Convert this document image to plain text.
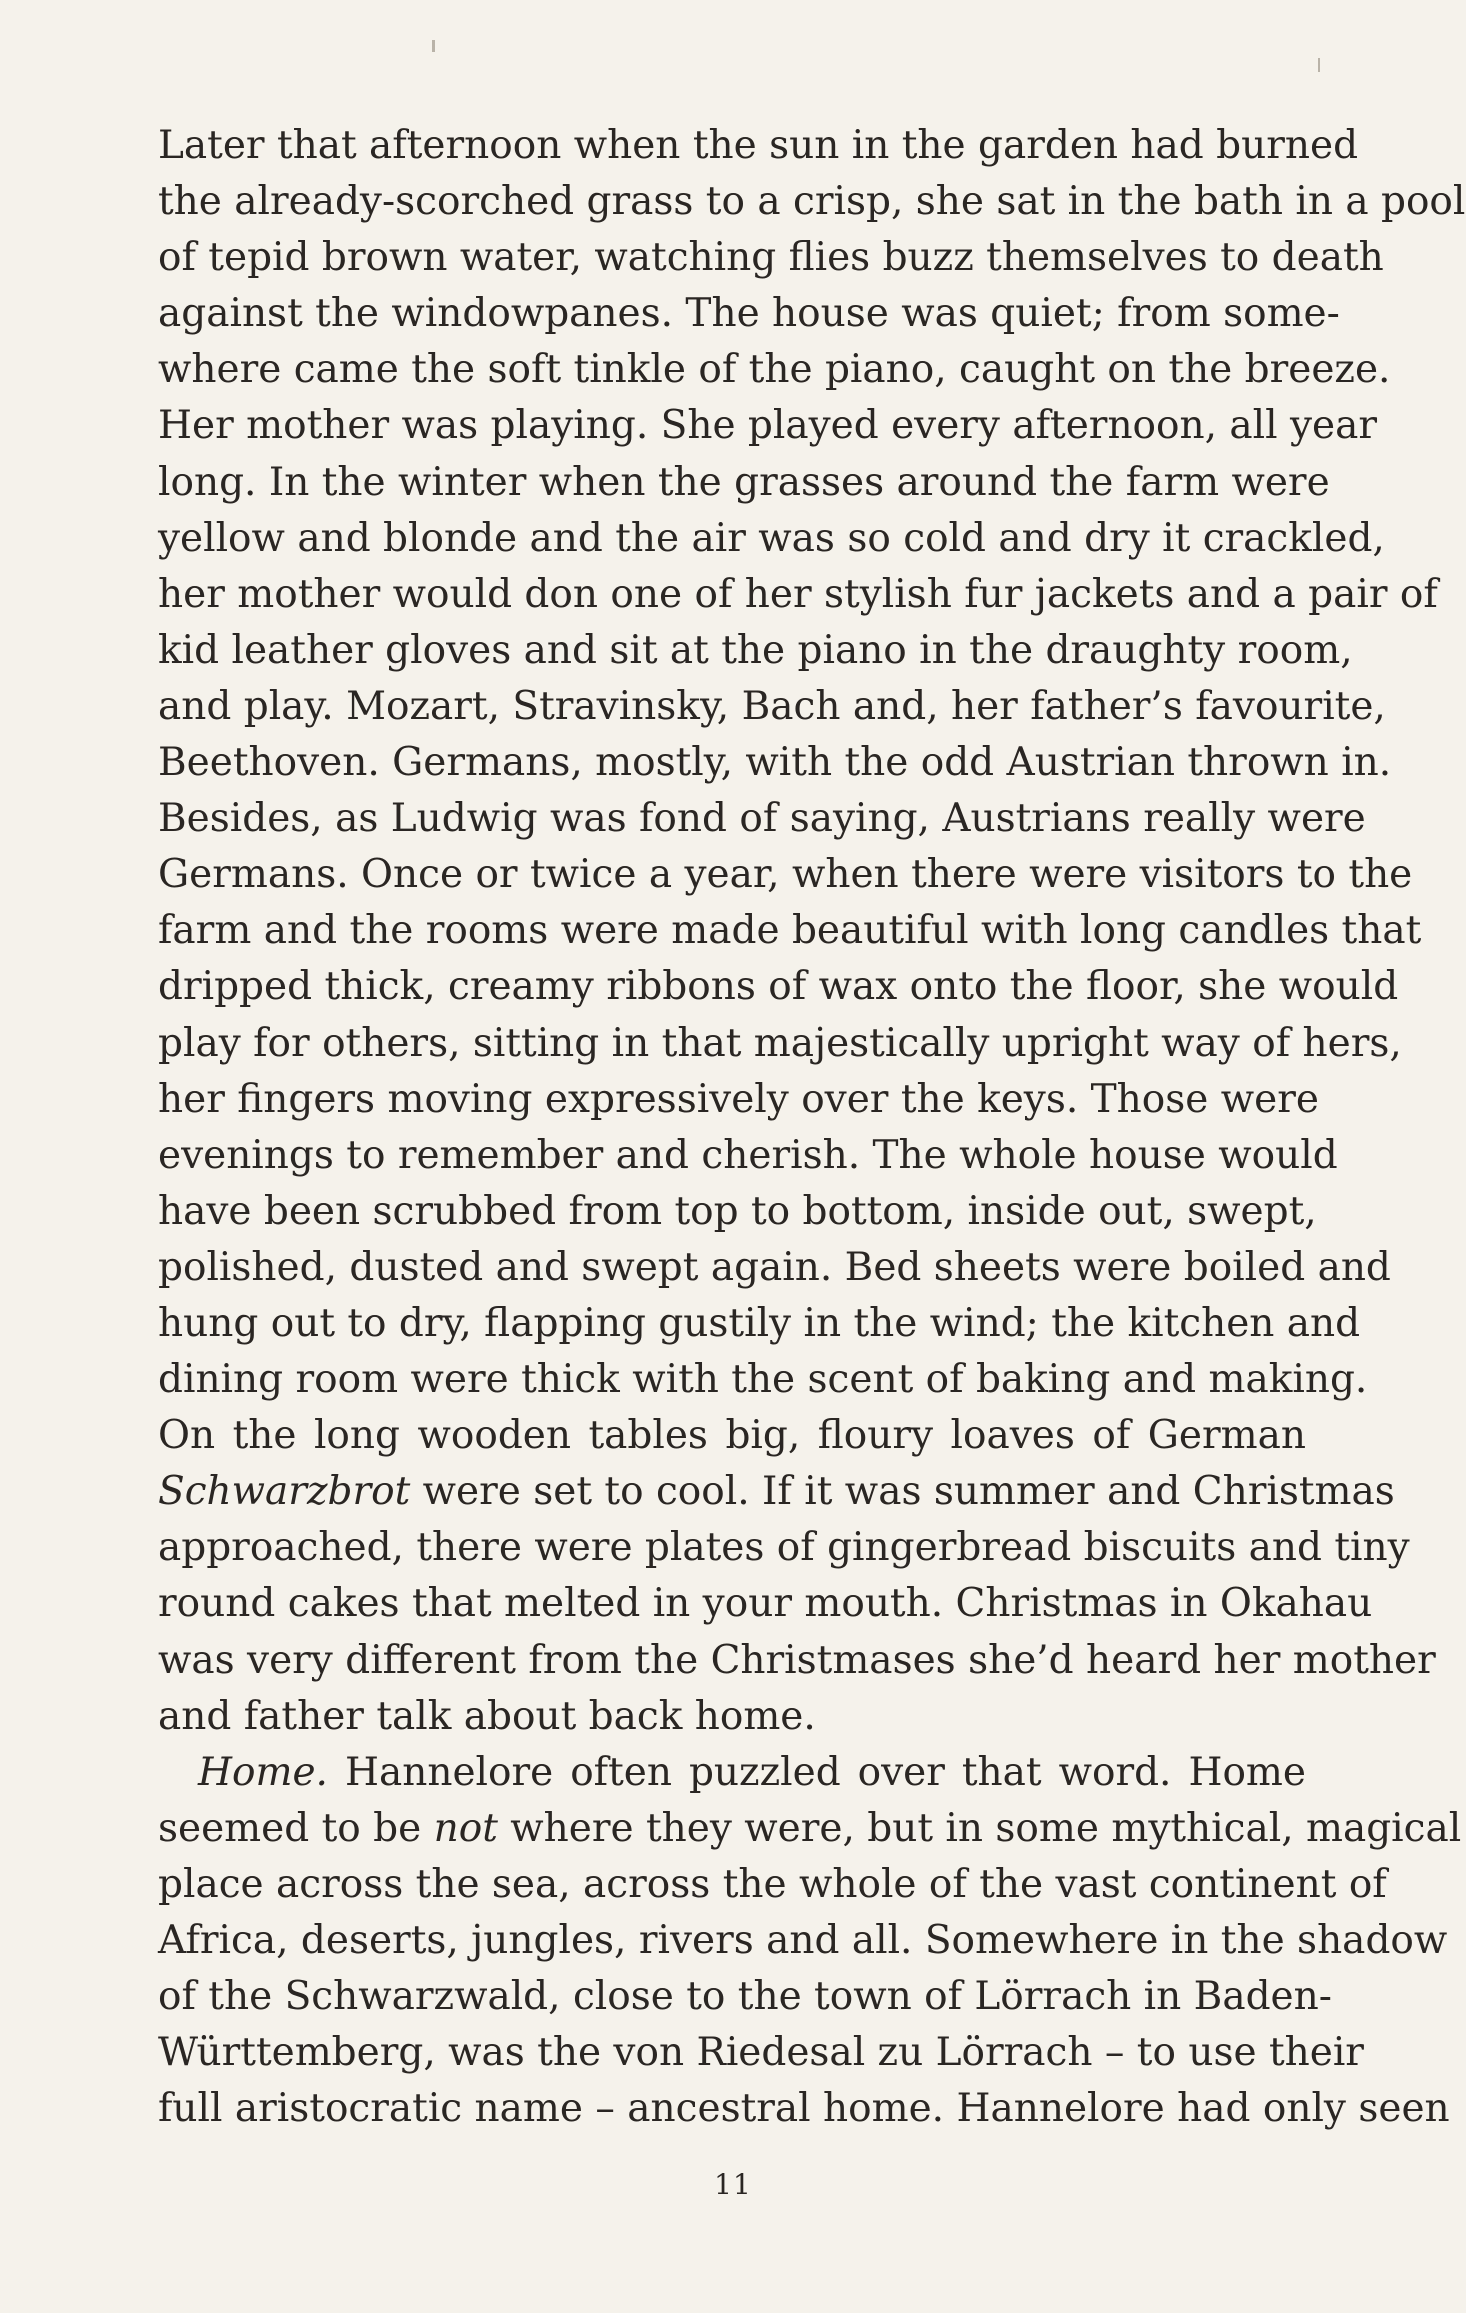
Later that afternoon when the sun in the garden had burned
the already-scorched grass to a crisp, she sat in the bath in a pool
of tepid brown water, watching flies buzz themselves to death
against the windowpanes. The house was quiet; from some-
where came the soft tinkle of the piano, caught on the breeze.
Her mother was playing. She played every afternoon, all year
long. In the winter when the grasses around the farm were
yellow and blonde and the air was so cold and dry it crackled,
her mother would don one of her stylish fur jackets and a pair of
kid leather gloves and sit at the piano in the draughty room,
and play. Mozart, Stravinsky, Bach and, her father’s favourite,
Beethoven. Germans, mostly, with the odd Austrian thrown in.
Besides, as Ludwig was fond of saying, Austrians really were
Germans. Once or twice a year, when there were visitors to the
farm and the rooms were made beautiful with long candles that
dripped thick, creamy ribbons of wax onto the floor, she would
play for others, sitting in that majestically upright way of hers,
her fingers moving expressively over the keys. Those were
evenings to remember and cherish. The whole house would
have been scrubbed from top to bottom, inside out, swept,
polished, dusted and swept again. Bed sheets were boiled and
hung out to dry, flapping gustily in the wind; the kitchen and
dining room were thick with the scent of baking and making.
On the long wooden tables big, floury loaves of German
Schwarzbrot were set to cool. If it was summer and Christmas
approached, there were plates of gingerbread biscuits and tiny
round cakes that melted in your mouth. Christmas in Okahau
was very different from the Christmases she’d heard her mother
and father talk about back home.
Home. Hannelore often puzzled over that word. Home
seemed to be not where they were, but in some mythical, magical
place across the sea, across the whole of the vast continent of
Africa, deserts, jungles, rivers and all. Somewhere in the shadow
of the Schwarzwald, close to the town of Lörrach in Baden-
Württemberg, was the von Riedesal zu Lörrach – to use their
full aristocratic name – ancestral home. Hannelore had only seen
11
